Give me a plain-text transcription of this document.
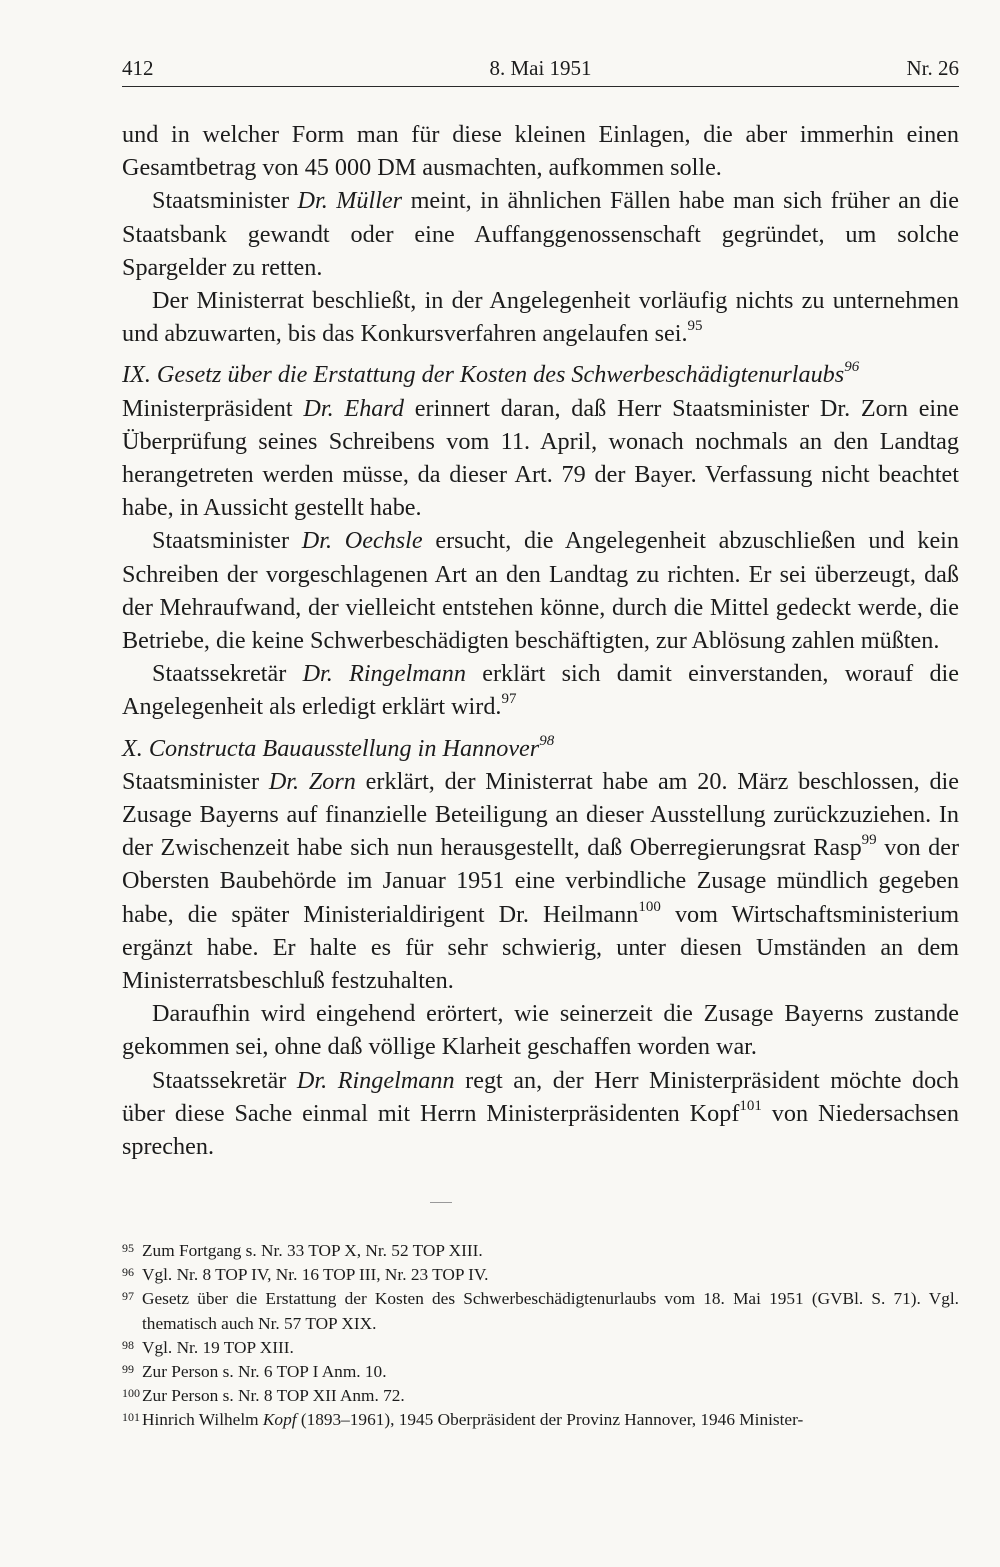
412	8. Mai 1951	Nr. 26

und in welcher Form man für diese kleinen Einlagen, die aber immerhin einen Gesamtbetrag von 45 000 DM ausmachten, aufkommen solle.

Staatsminister Dr. Müller meint, in ähnlichen Fällen habe man sich früher an die Staatsbank gewandt oder eine Auffanggenossenschaft gegründet, um solche Spargelder zu retten.

Der Ministerrat beschließt, in der Angelegenheit vorläufig nichts zu unternehmen und abzuwarten, bis das Konkursverfahren angelaufen sei.$^{95}$

IX. Gesetz über die Erstattung der Kosten des Schwerbeschädigtenurlaubs$^{96}$

Ministerpräsident Dr. Ehard erinnert daran, daß Herr Staatsminister Dr. Zorn eine Überprüfung seines Schreibens vom 11. April, wonach nochmals an den Landtag herangetreten werden müsse, da dieser Art. 79 der Bayer. Verfassung nicht beachtet habe, in Aussicht gestellt habe.

Staatsminister Dr. Oechsle ersucht, die Angelegenheit abzuschließen und kein Schreiben der vorgeschlagenen Art an den Landtag zu richten. Er sei überzeugt, daß der Mehraufwand, der vielleicht entstehen könne, durch die Mittel gedeckt werde, die Betriebe, die keine Schwerbeschädigten beschäftigten, zur Ablösung zahlen müßten.

Staatssekretär Dr. Ringelmann erklärt sich damit einverstanden, worauf die Angelegenheit als erledigt erklärt wird.$^{97}$

X. Constructa Bauausstellung in Hannover$^{98}$

Staatsminister Dr. Zorn erklärt, der Ministerrat habe am 20. März beschlossen, die Zusage Bayerns auf finanzielle Beteiligung an dieser Ausstellung zurückzuziehen. In der Zwischenzeit habe sich nun herausgestellt, daß Oberregierungsrat Rasp$^{99}$ von der Obersten Baubehörde im Januar 1951 eine verbindliche Zusage mündlich gegeben habe, die später Ministerialdirigent Dr. Heilmann$^{100}$ vom Wirtschaftsministerium ergänzt habe. Er halte es für sehr schwierig, unter diesen Umständen an dem Ministerratsbeschluß festzuhalten.

Daraufhin wird eingehend erörtert, wie seinerzeit die Zusage Bayerns zustande gekommen sei, ohne daß völlige Klarheit geschaffen worden war.

Staatssekretär Dr. Ringelmann regt an, der Herr Ministerpräsident möchte doch über diese Sache einmal mit Herrn Ministerpräsidenten Kopf$^{101}$ von Niedersachsen sprechen.

95 Zum Fortgang s. Nr. 33 TOP X, Nr. 52 TOP XIII.
96 Vgl. Nr. 8 TOP IV, Nr. 16 TOP III, Nr. 23 TOP IV.
97 Gesetz über die Erstattung der Kosten des Schwerbeschädigtenurlaubs vom 18. Mai 1951 (GVBl. S. 71). Vgl. thematisch auch Nr. 57 TOP XIX.
98 Vgl. Nr. 19 TOP XIII.
99 Zur Person s. Nr. 6 TOP I Anm. 10.
100 Zur Person s. Nr. 8 TOP XII Anm. 72.
101 Hinrich Wilhelm Kopf (1893–1961), 1945 Oberpräsident der Provinz Hannover, 1946 Minister-
